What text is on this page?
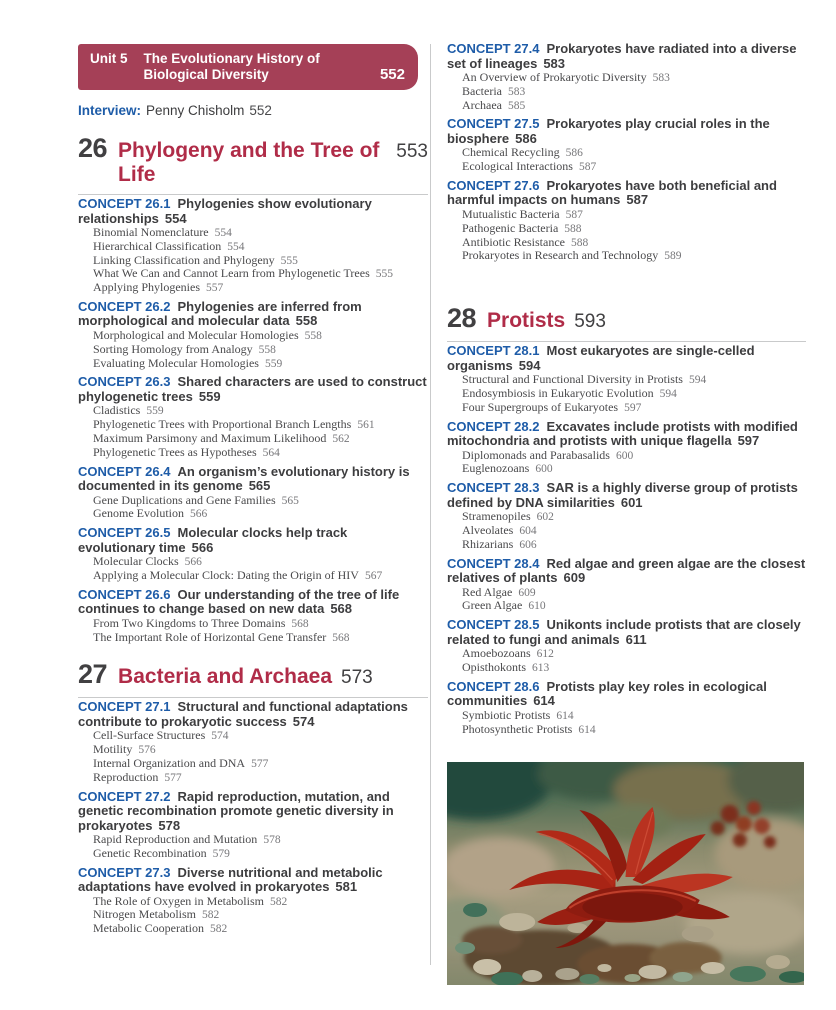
Unit 5 The Evolutionary History of Biological Diversity	552
Interview: Penny Chisholm 552
26 Phylogeny and the Tree of Life
553
CONCEPT 26.1 Phylogenies show evolutionary relationships 554
Binomial Nomenclature 554
Hierarchical Classification 554
Linking Classification and Phylogeny 555
What We Can and Cannot Learn from Phylogenetic Trees 555
Applying Phylogenies 557
CONCEPT 26.2 Phylogenies are inferred from morphological and molecular data 558
Morphological and Molecular Homologies 558
Sorting Homology from Analogy 558
Evaluating Molecular Homologies 559
CONCEPT 26.3 Shared characters are used to construct phylogenetic trees 559
Cladistics 559
Phylogenetic Trees with Proportional Branch Lengths 561
Maximum Parsimony and Maximum Likelihood 562
Phylogenetic Trees as Hypotheses 564
CONCEPT 26.4 An organism’s evolutionary history is documented in its genome 565
Gene Duplications and Gene Families 565
Genome Evolution 566
CONCEPT 26.5 Molecular clocks help track evolutionary time 566
Molecular Clocks 566
Applying a Molecular Clock: Dating the Origin of HIV 567
CONCEPT 26.6 Our understanding of the tree of life continues to change based on new data 568
From Two Kingdoms to Three Domains 568
The Important Role of Horizontal Gene Transfer 568
27 Bacteria and Archaea 573
CONCEPT 27.1 Structural and functional adaptations contribute to prokaryotic success 574
Cell-Surface Structures 574
Motility 576
Internal Organization and DNA 577
Reproduction 577
CONCEPT 27.2 Rapid reproduction, mutation, and genetic recombination promote genetic diversity in prokaryotes 578
Rapid Reproduction and Mutation 578
Genetic Recombination 579
CONCEPT 27.3 Diverse nutritional and metabolic adaptations have evolved in prokaryotes 581
The Role of Oxygen in Metabolism 582
Nitrogen Metabolism 582
Metabolic Cooperation 582
CONCEPT 27.4 Prokaryotes have radiated into a diverse set of lineages 583
An Overview of Prokaryotic Diversity 583
Bacteria 583
Archaea 585
CONCEPT 27.5 Prokaryotes play crucial roles in the biosphere 586
Chemical Recycling 586
Ecological Interactions 587
CONCEPT 27.6 Prokaryotes have both beneficial and harmful impacts on humans 587
Mutualistic Bacteria 587
Pathogenic Bacteria 588
Antibiotic Resistance 588
Prokaryotes in Research and Technology 589
28 Protists 593
CONCEPT 28.1 Most eukaryotes are single-celled organisms 594
Structural and Functional Diversity in Protists 594
Endosymbiosis in Eukaryotic Evolution 594
Four Supergroups of Eukaryotes 597
CONCEPT 28.2 Excavates include protists with modified mitochondria and protists with unique flagella 597
Diplomonads and Parabasalids 600
Euglenozoans 600
CONCEPT 28.3 SAR is a highly diverse group of protists defined by DNA similarities 601
Stramenopiles 602
Alveolates 604
Rhizarians 606
CONCEPT 28.4 Red algae and green algae are the closest relatives of plants 609
Red Algae 609
Green Algae 610
CONCEPT 28.5 Unikonts include protists that are closely related to fungi and animals 611
Amoebozoans 612
Opisthokonts 613
CONCEPT 28.6 Protists play key roles in ecological communities 614
Symbiotic Protists 614
Photosynthetic Protists 614
